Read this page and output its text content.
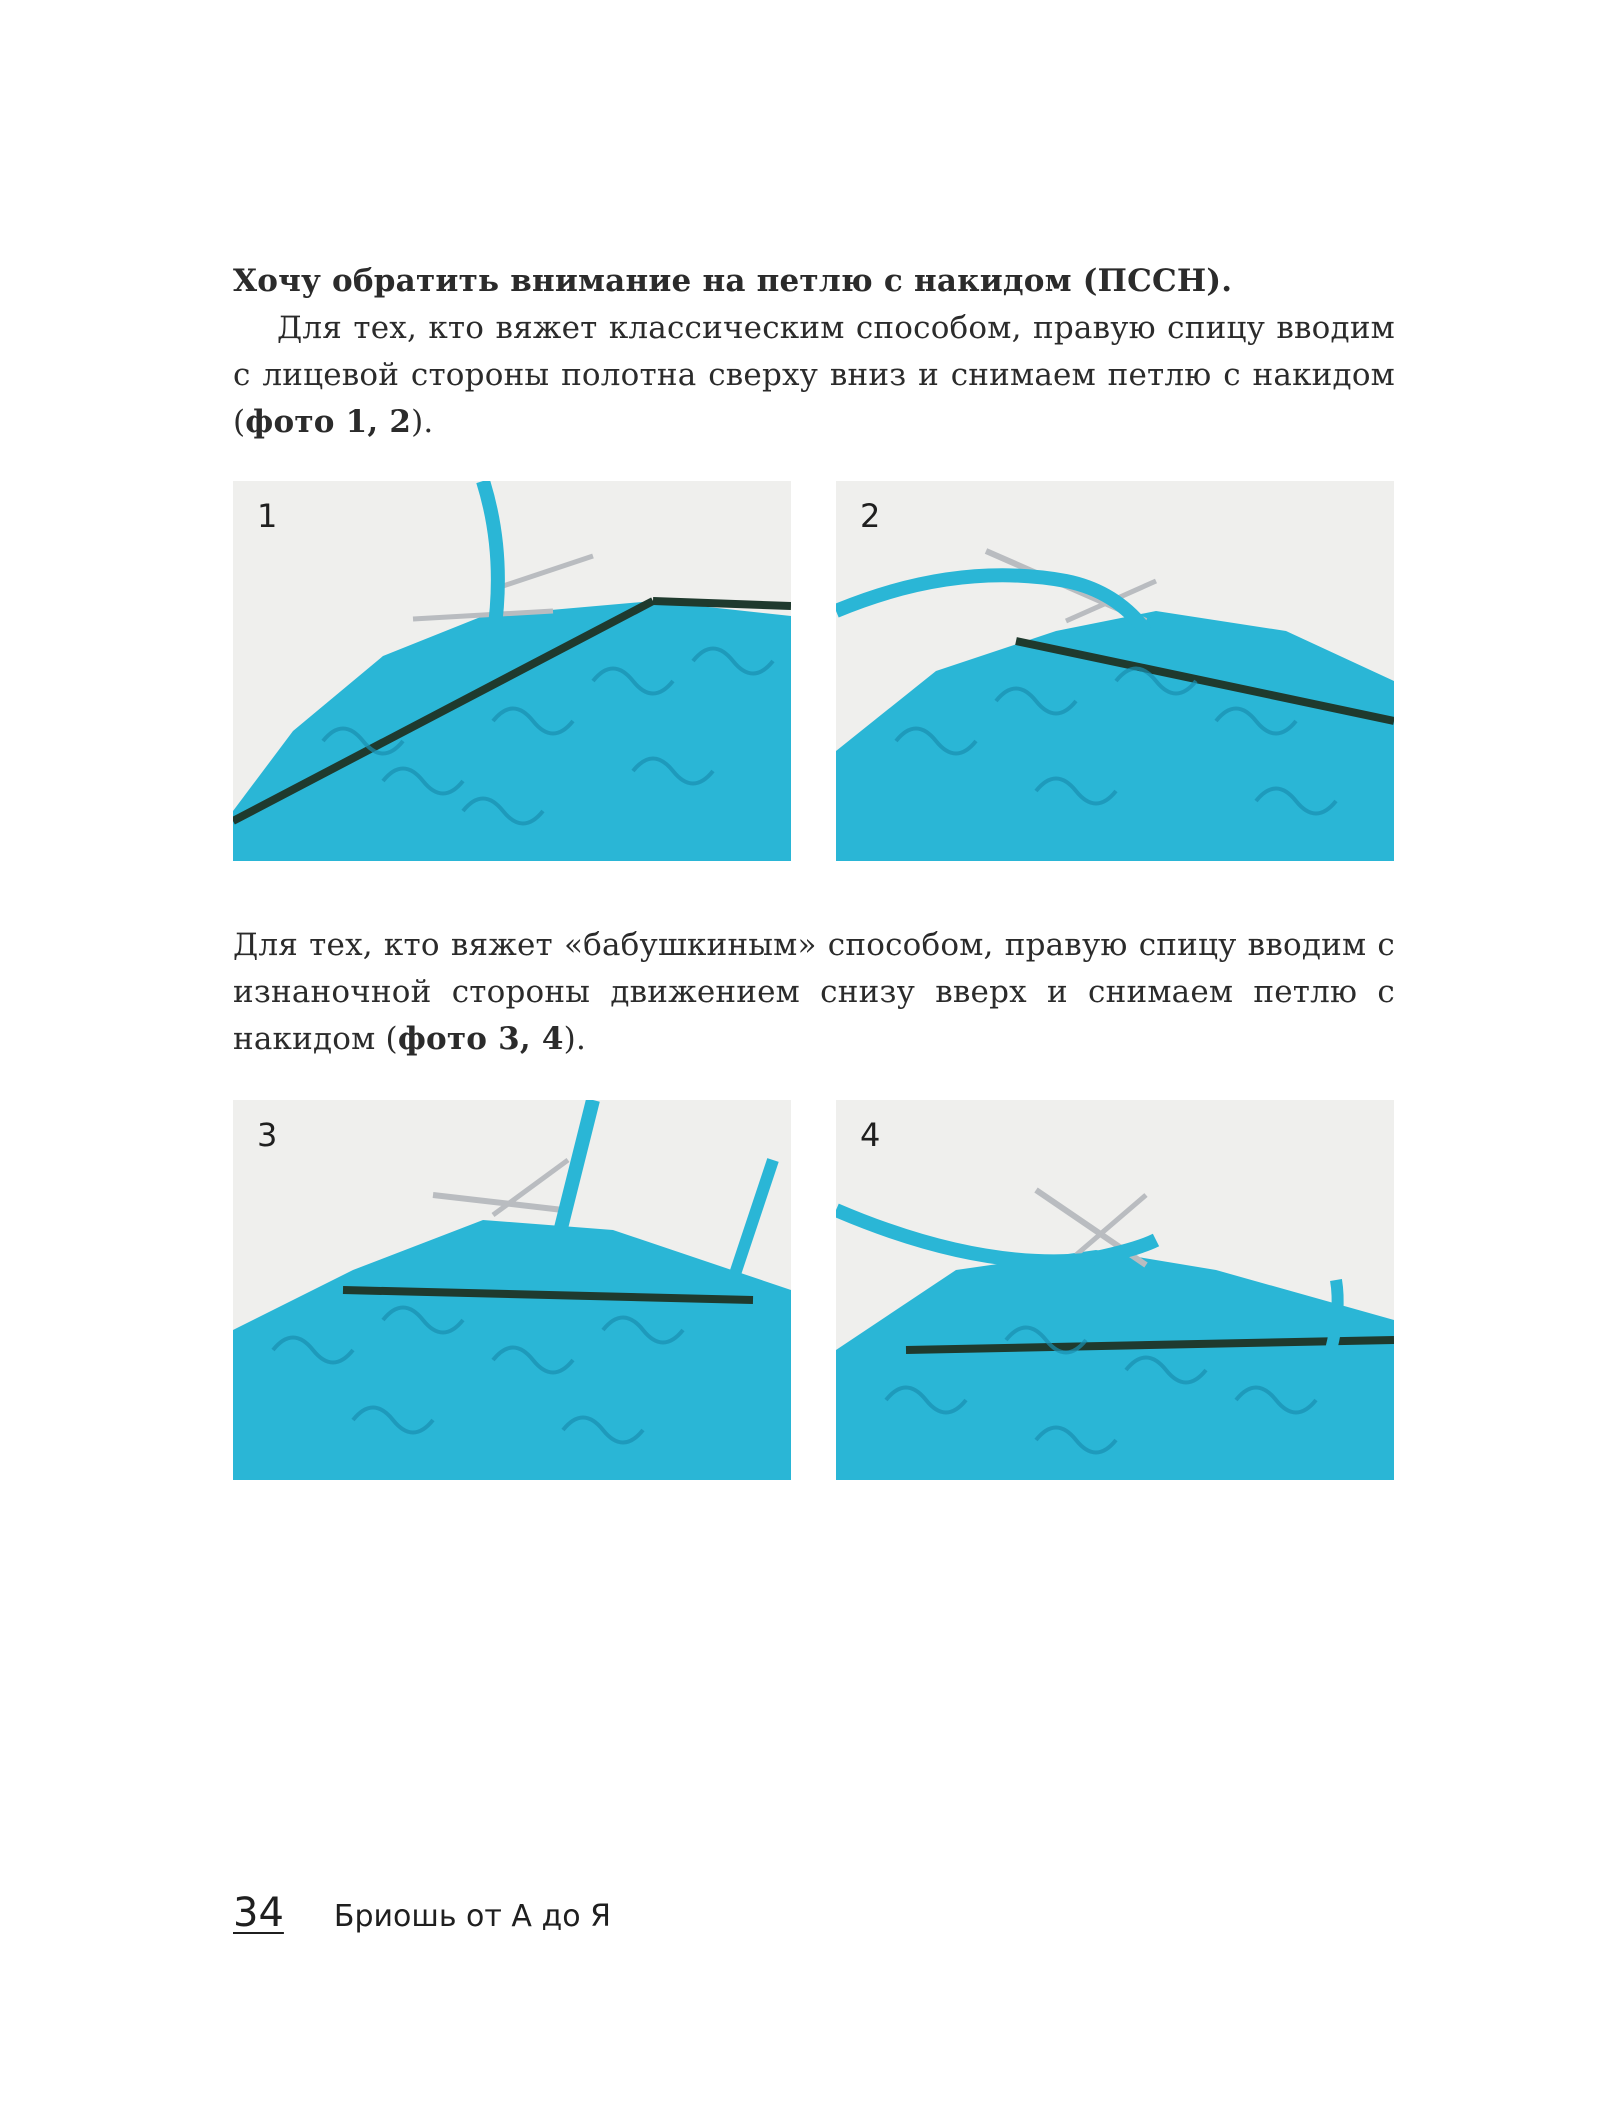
Хочу обратить внимание на петлю с накидом (ПССН).
Для тех, кто вяжет классическим способом, правую спицу вводим с лицевой стороны полотна сверху вниз и снимаем петлю с накидом (фото 1, 2).
1	2
Для тех, кто вяжет «бабушкиным» способом, правую спицу вводим с изнаночной стороны движением снизу вверх и снимаем петлю с накидом (фото 3, 4).
3	4
34 Бриошь от А до Я
